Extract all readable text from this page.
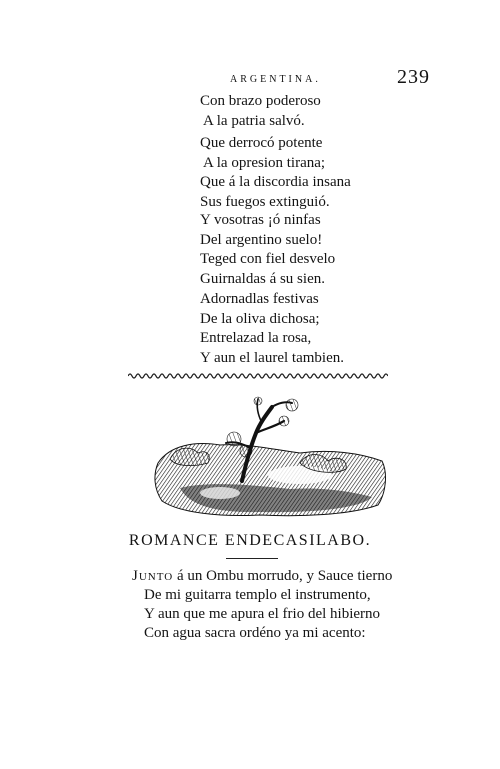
ARGENTINA.	239
Con brazo poderoso
A la patria salvó.
Que derrocó potente
A la opresion tirana;
Que á la discordia insana
Sus fuegos extinguió.
Y vosotras ¡ó ninfas
Del argentino suelo!
Teged con fiel desvelo
Guirnaldas á su sien.
Adornadlas festivas
De la oliva dichosa;
Entrelazad la rosa,
Y aun el laurel tambien.
ROMANCE ENDECASILABO.
Junto á un Ombu morrudo, y Sauce tierno
De mi guitarra templo el instrumento,
Y aun que me apura el frio del hibierno
Con agua sacra ordéno ya mi acento:
